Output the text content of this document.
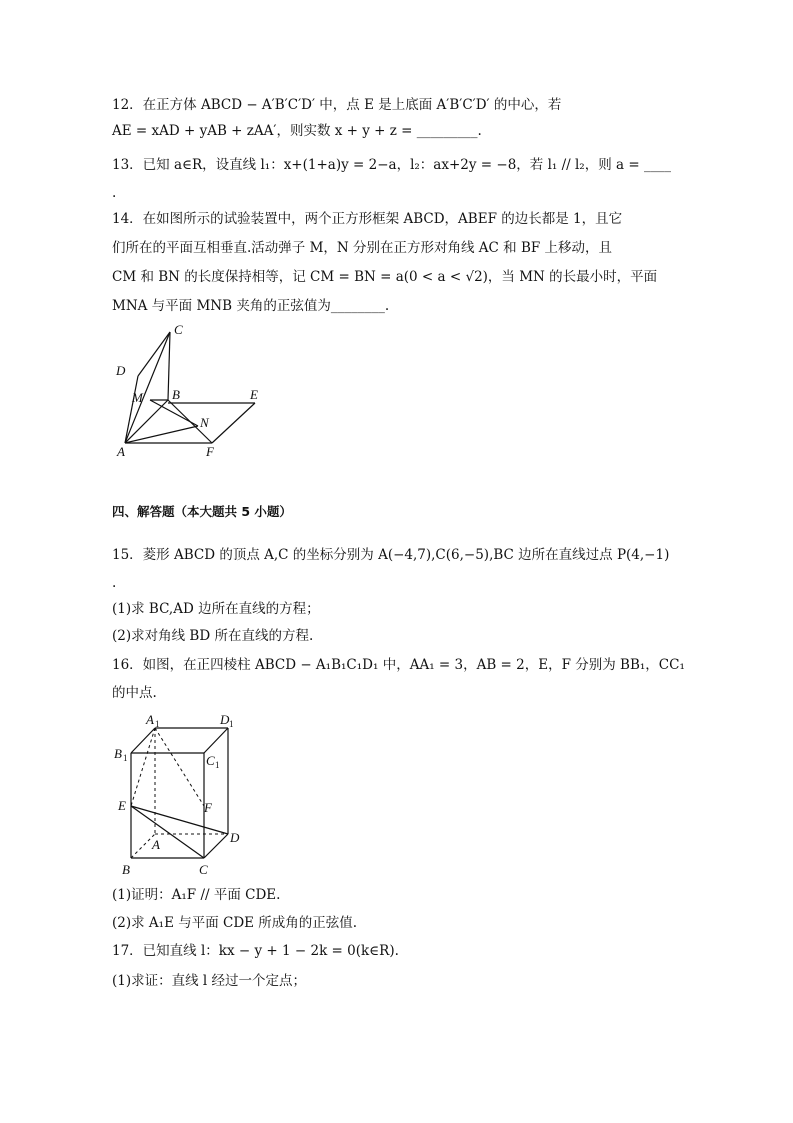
12．在正方体 ABCD − A′B′C′D′ 中，点 E 是上底面 A′B′C′D′ 的中心，若
AE = xAD + yAB + zAA′，则实数 x + y + z = _________.
13．已知 a∈R，设直线 l₁：x+(1+a)y = 2−a，l₂：ax+2y = −8，若 l₁ // l₂，则 a = ____
.
14．在如图所示的试验装置中，两个正方形框架 ABCD，ABEF 的边长都是 1，且它
们所在的平面互相垂直.活动弹子 M，N 分别在正方形对角线 AC 和 BF 上移动，且
CM 和 BN 的长度保持相等，记 CM = BN = a(0 < a < √2)，当 MN 的长最小时，平面
MNA 与平面 MNB 夹角的正弦值为________.
C
D
M B	E
N
A	F
四、解答题（本大题共 5 小题）
15．菱形 ABCD 的顶点 A,C 的坐标分别为 A(−4,7),C(6,−5),BC 边所在直线过点 P(4,−1)
.
(1)求 BC,AD 边所在直线的方程；
(2)求对角线 BD 所在直线的方程.
16．如图，在正四棱柱 ABCD − A₁B₁C₁D₁ 中，AA₁ = 3，AB = 2，E，F 分别为 BB₁，CC₁
的中点.
A 1	D 1
B 1	C 1
E	F
D
A
B	C
(1)证明：A₁F // 平面 CDE.
(2)求 A₁E 与平面 CDE 所成角的正弦值.
17．已知直线 l：kx − y + 1 − 2k = 0(k∈R).
(1)求证：直线 l 经过一个定点；
